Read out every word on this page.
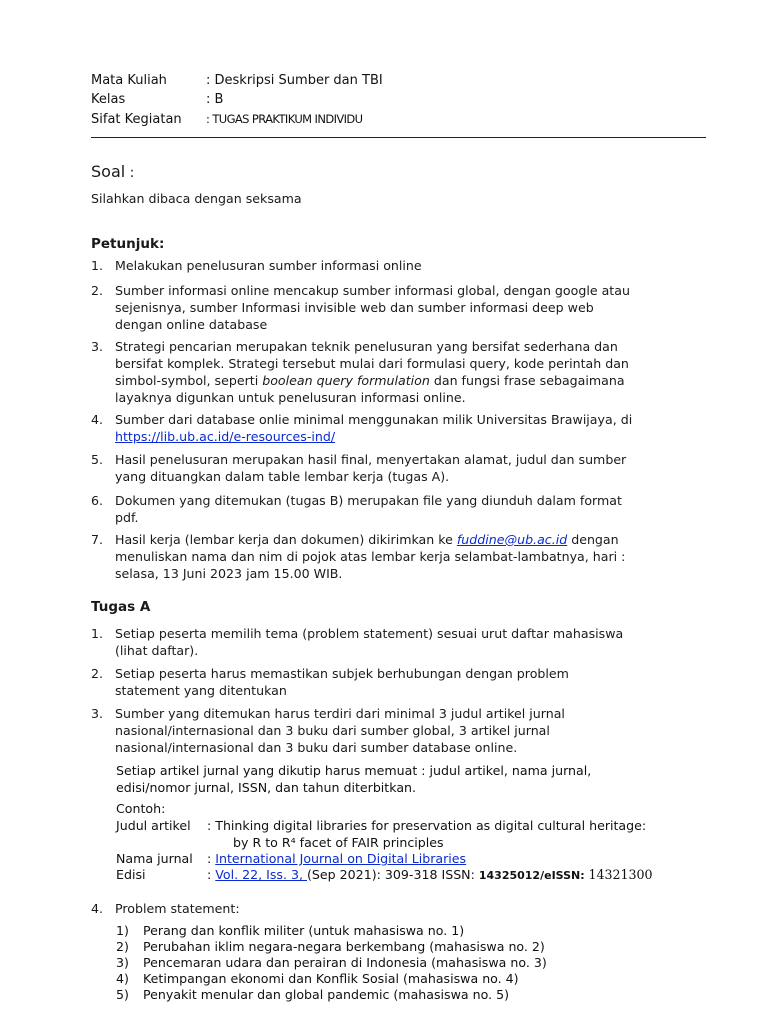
Mata Kuliah	: Deskripsi Sumber dan TBI
Kelas	: B
Sifat Kegiatan : TUGAS PRAKTIKUM INDIVIDU
Soal :
Silahkan dibaca dengan seksama
Petunjuk:
1. Melakukan penelusuran sumber informasi online
2. Sumber informasi online mencakup sumber informasi global, dengan google atau
sejenisnya, sumber Informasi invisible web dan sumber informasi deep web
dengan online database
3. Strategi pencarian merupakan teknik penelusuran yang bersifat sederhana dan
bersifat komplek. Strategi tersebut mulai dari formulasi query, kode perintah dan
simbol-symbol, seperti boolean query formulation dan fungsi frase sebagaimana
layaknya digunkan untuk penelusuran informasi online.
4. Sumber dari database onlie minimal menggunakan milik Universitas Brawijaya, di
https://lib.ub.ac.id/e-resources-ind/
5. Hasil penelusuran merupakan hasil final, menyertakan alamat, judul dan sumber
yang dituangkan dalam table lembar kerja (tugas A).
6. Dokumen yang ditemukan (tugas B) merupakan file yang diunduh dalam format
pdf.
7. Hasil kerja (lembar kerja dan dokumen) dikirimkan ke fuddine@ub.ac.id dengan
menuliskan nama dan nim di pojok atas lembar kerja selambat-lambatnya, hari :
selasa, 13 Juni 2023 jam 15.00 WIB.
Tugas A
1. Setiap peserta memilih tema (problem statement) sesuai urut daftar mahasiswa
(lihat daftar).
2. Setiap peserta harus memastikan subjek berhubungan dengan problem
statement yang ditentukan
3. Sumber yang ditemukan harus terdiri dari minimal 3 judul artikel jurnal
nasional/internasional dan 3 buku dari sumber global, 3 artikel jurnal
nasional/internasional dan 3 buku dari sumber database online.
Setiap artikel jurnal yang dikutip harus memuat : judul artikel, nama jurnal,
edisi/nomor jurnal, ISSN, dan tahun diterbitkan.
Contoh:
Judul artikel : Thinking digital libraries for preservation as digital cultural heritage:
by R to R⁴ facet of FAIR principles
Nama jurnal : International Journal on Digital Libraries
Edisi	: Vol. 22, Iss. 3, (Sep 2021): 309-318 ISSN: 14325012/eISSN: 14321300
4. Problem statement:
1) Perang dan konflik militer (untuk mahasiswa no. 1)
2) Perubahan iklim negara-negara berkembang (mahasiswa no. 2)
3) Pencemaran udara dan perairan di Indonesia (mahasiswa no. 3)
4) Ketimpangan ekonomi dan Konflik Sosial (mahasiswa no. 4)
5) Penyakit menular dan global pandemic (mahasiswa no. 5)
